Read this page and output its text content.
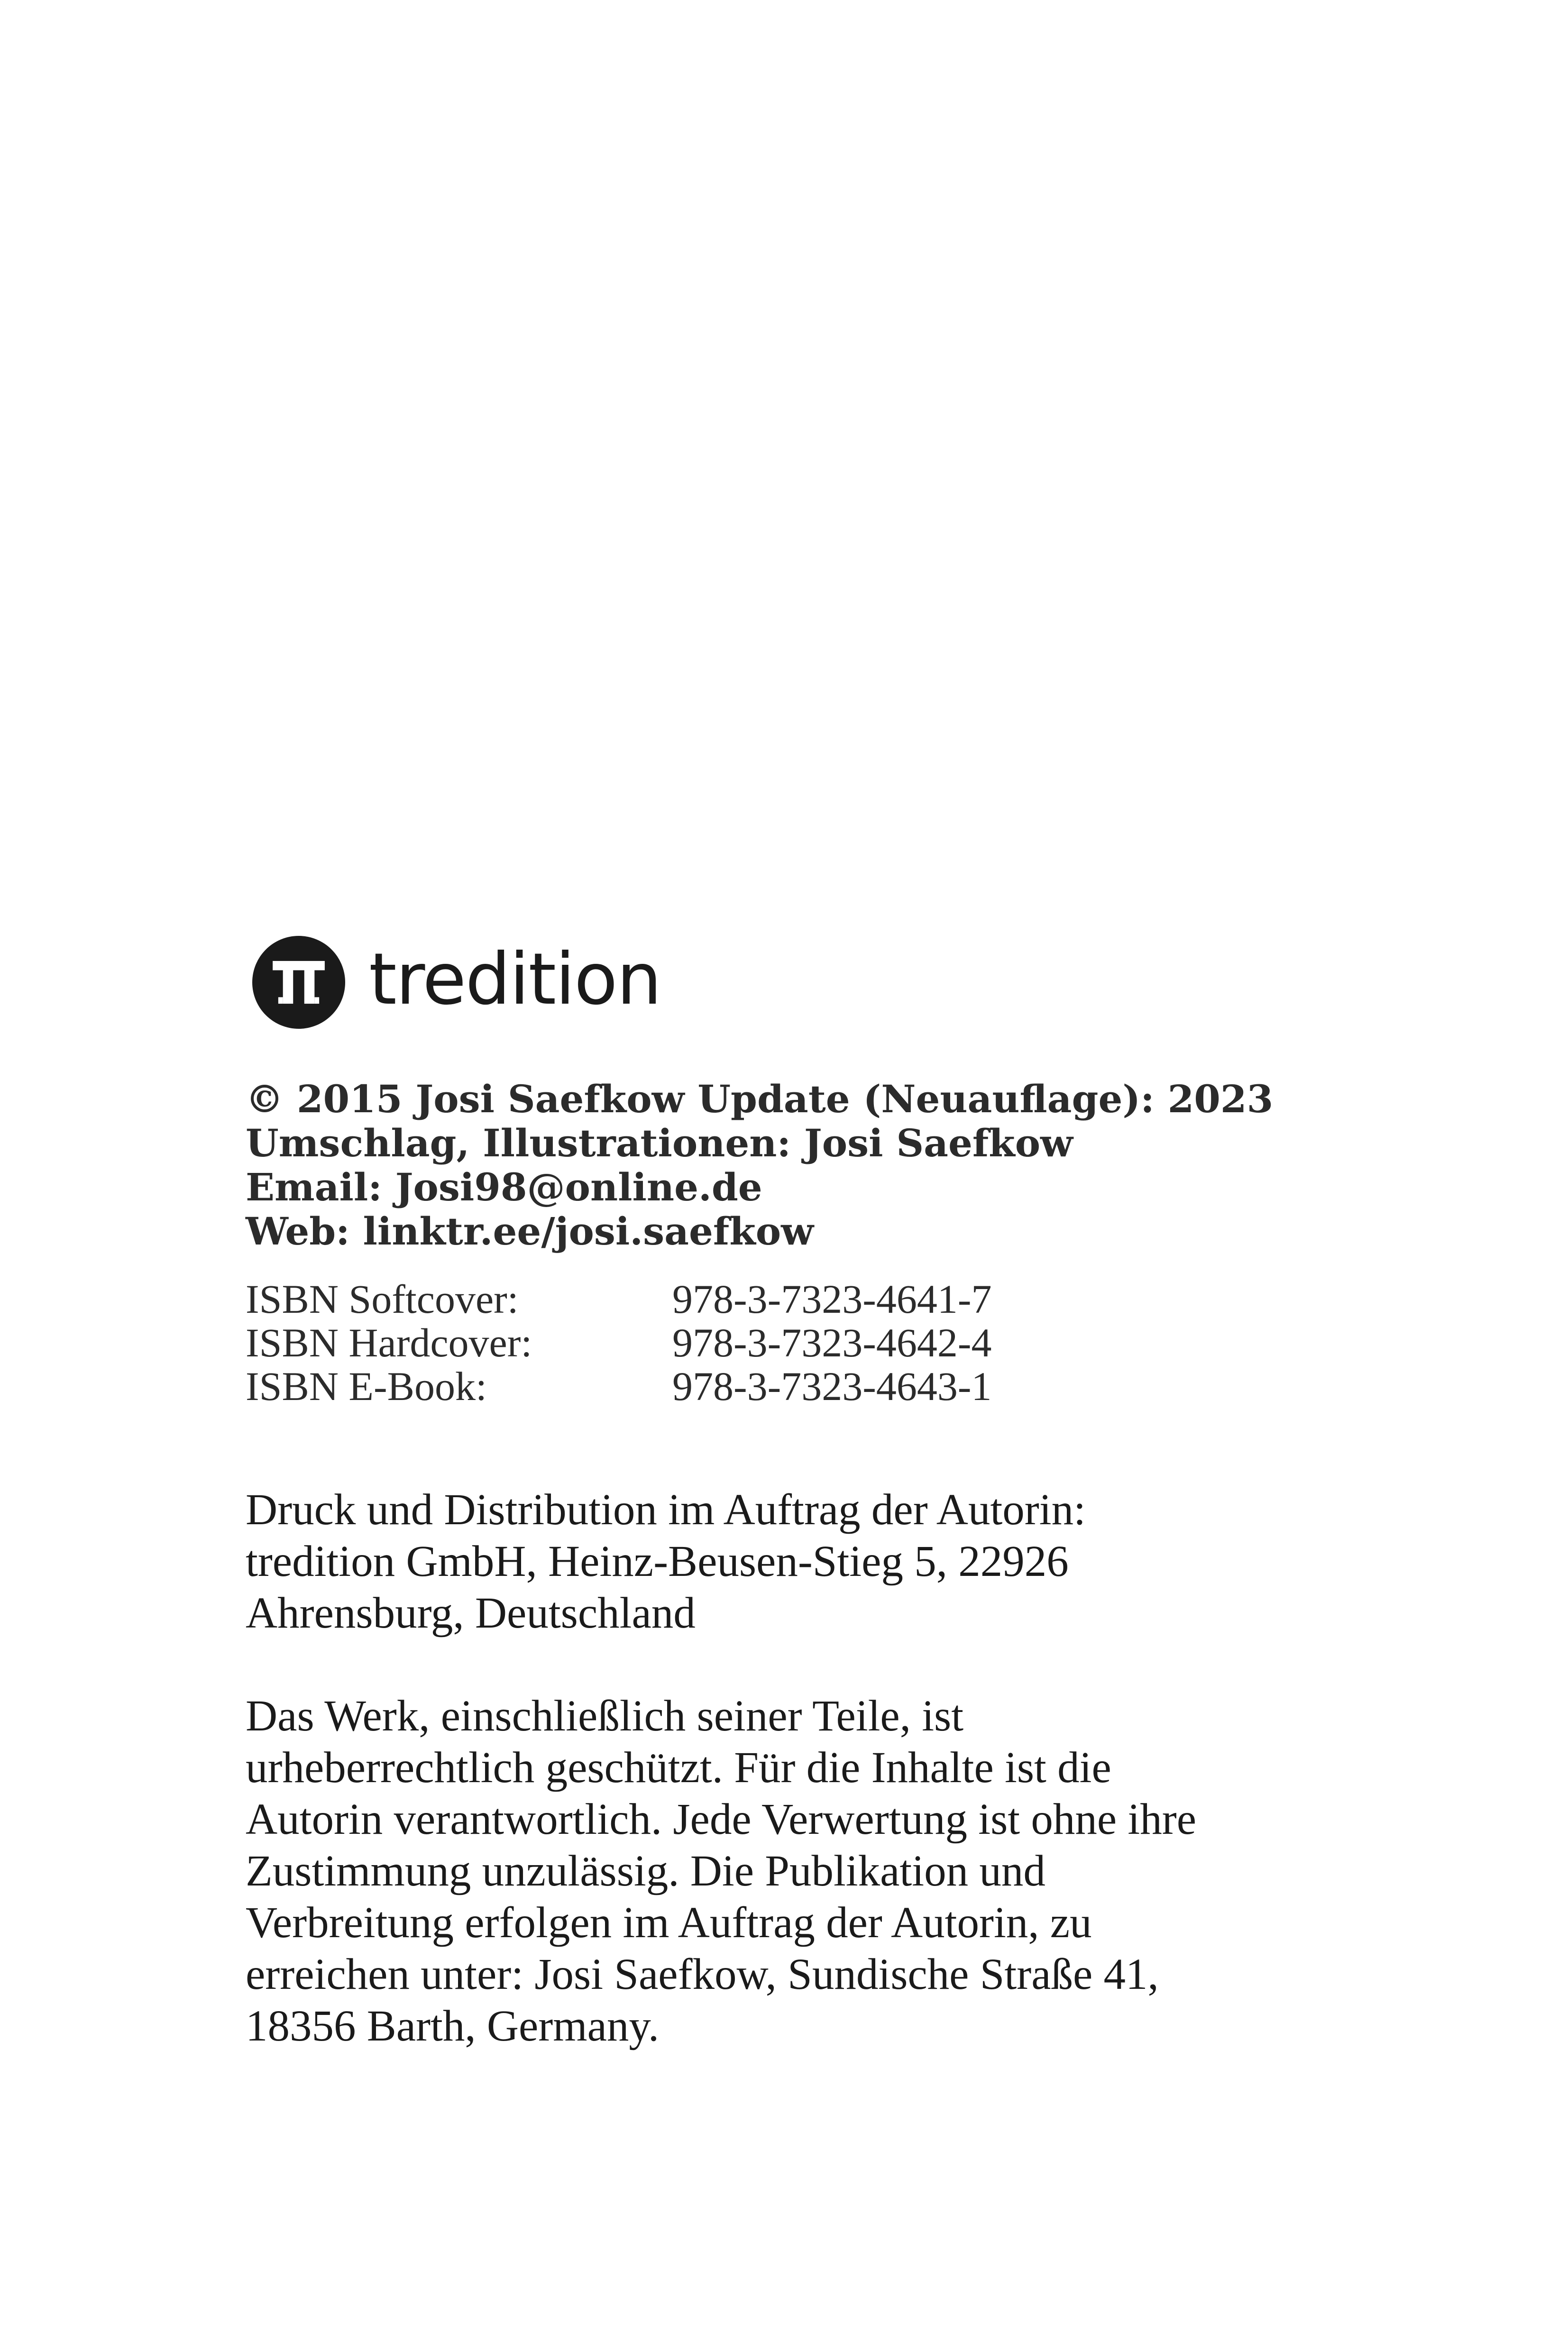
tredition
© 2015 Josi Saefkow Update (Neuauflage): 2023
Umschlag, Illustrationen: Josi Saefkow
Email: Josi98@online.de
Web: linktr.ee/josi.saefkow
ISBN Softcover:	978-3-7323-4641-7
ISBN Hardcover:	978-3-7323-4642-4
ISBN E-Book:	978-3-7323-4643-1
Druck und Distribution im Auftrag der Autorin:
tredition GmbH, Heinz-Beusen-Stieg 5, 22926
Ahrensburg, Deutschland
Das Werk, einschließlich seiner Teile, ist
urheberrechtlich geschützt. Für die Inhalte ist die
Autorin verantwortlich. Jede Verwertung ist ohne ihre
Zustimmung unzulässig. Die Publikation und
Verbreitung erfolgen im Auftrag der Autorin, zu
erreichen unter: Josi Saefkow, Sundische Straße 41,
18356 Barth, Germany.
